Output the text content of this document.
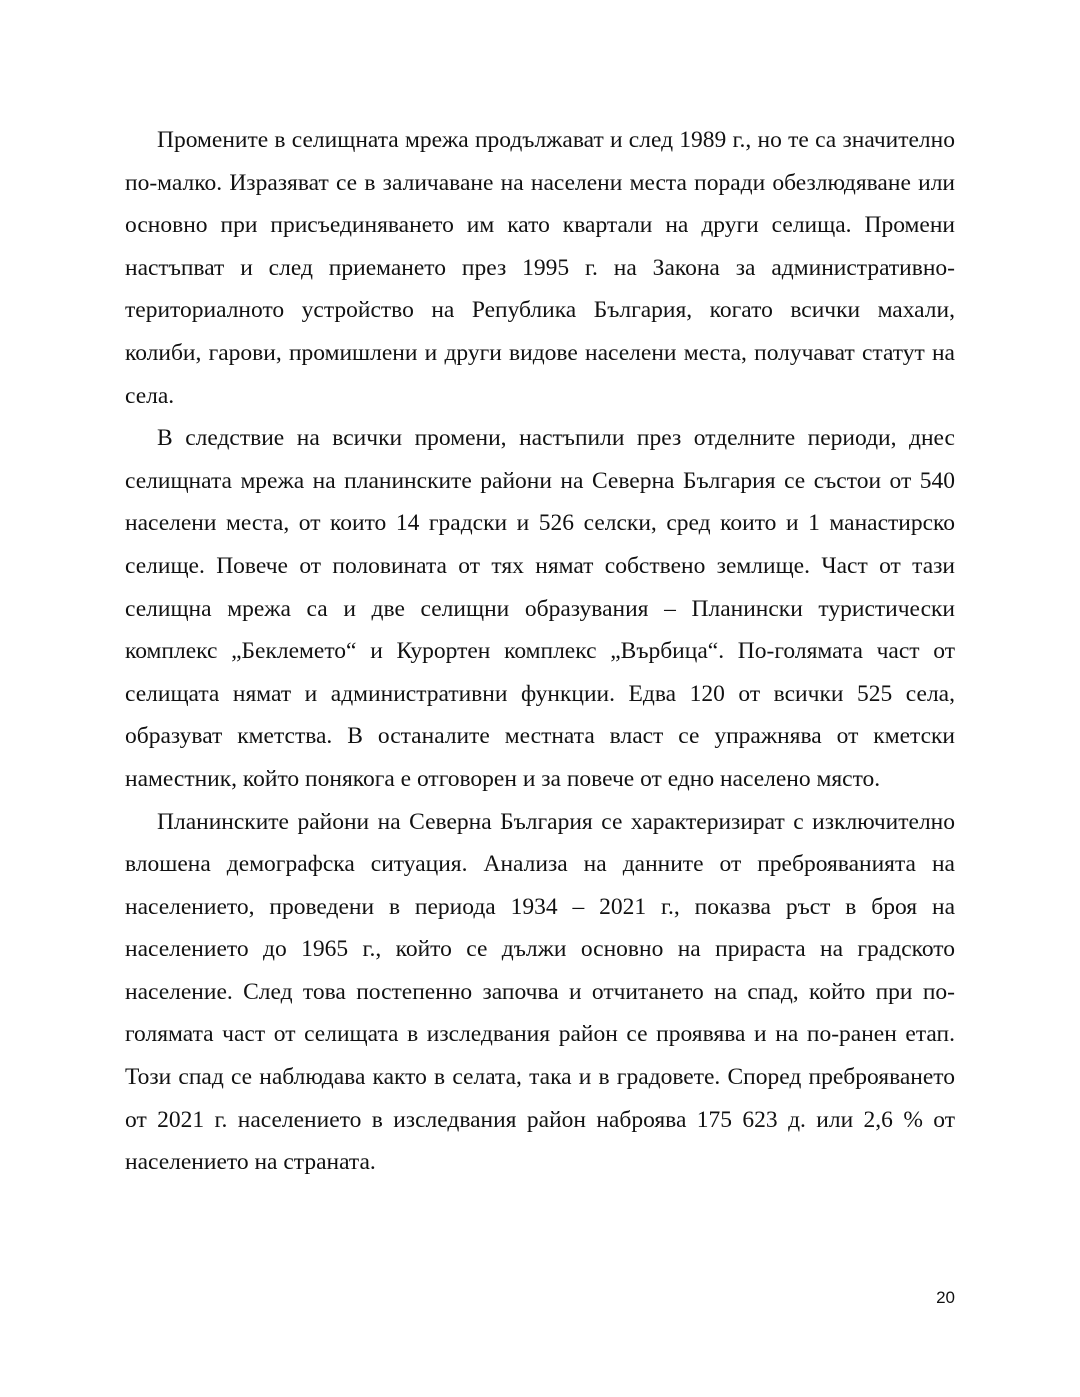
Промените в селищната мрежа продължават и след 1989 г., но те са значително по-малко. Изразяват се в заличаване на населени места поради обезлюдяване или основно при присъединяването им като квартали на други селища. Промени настъпват и след приемането през 1995 г. на Закона за административно-териториалното устройство на Република България, когато всички махали, колиби, гарови, промишлени и други видове населени места, получават статут на села.

В следствие на всички промени, настъпили през отделните периоди, днес селищната мрежа на планинските райони на Северна България се състои от 540 населени места, от които 14 градски и 526 селски, сред които и 1 манастирско селище. Повече от половината от тях нямат собствено землище. Част от тази селищна мрежа са и две селищни образувания – Планински туристически комплекс „Беклемето“ и Курортен комплекс „Върбица“. По-голямата част от селищата нямат и административни функции. Едва 120 от всички 525 села, образуват кметства. В останалите местната власт се упражнява от кметски наместник, който понякога е отговорен и за повече от едно населено място.

Планинските райони на Северна България се характеризират с изключително влошена демографска ситуация. Анализа на данните от преброяванията на населението, проведени в периода 1934 – 2021 г., показва ръст в броя на населението до 1965 г., който се дължи основно на прираста на градското население. След това постепенно започва и отчитането на спад, който при по-голямата част от селищата в изследвания район се проявява и на по-ранен етап. Този спад се наблюдава както в селата, така и в градовете. Според преброяването от 2021 г. населението в изследвания район наброява 175 623 д. или 2,6 % от населението на страната.

20
